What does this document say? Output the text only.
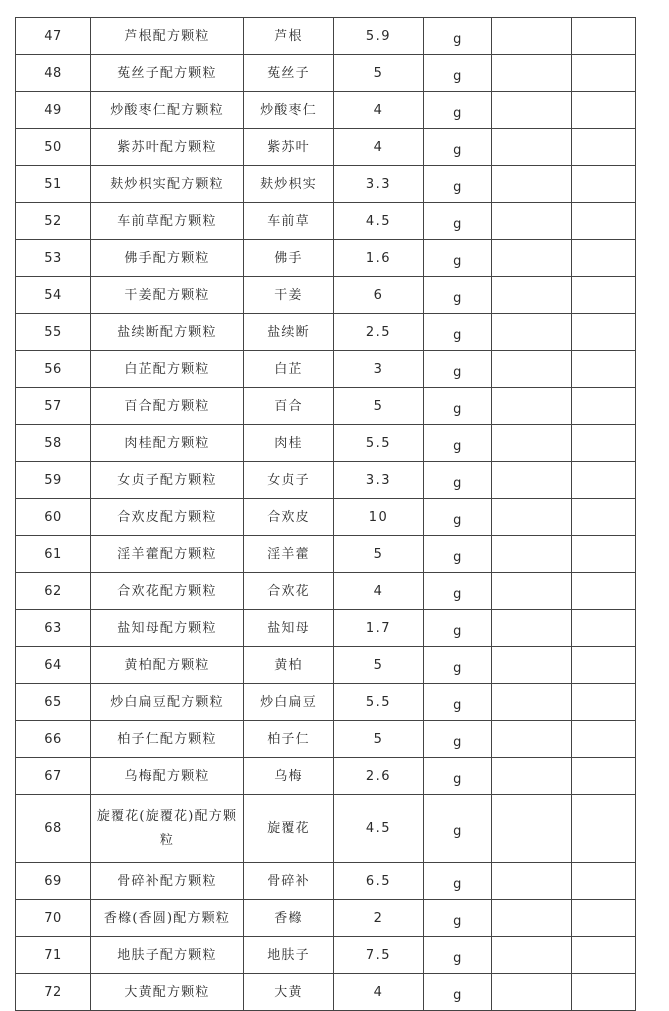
47	芦根配方颗粒	芦根	5.9	g		
48	菟丝子配方颗粒	菟丝子	5	g		
49	炒酸枣仁配方颗粒	炒酸枣仁	4	g		
50	紫苏叶配方颗粒	紫苏叶	4	g		
51	麸炒枳实配方颗粒	麸炒枳实	3.3	g		
52	车前草配方颗粒	车前草	4.5	g		
53	佛手配方颗粒	佛手	1.6	g		
54	干姜配方颗粒	干姜	6	g		
55	盐续断配方颗粒	盐续断	2.5	g		
56	白芷配方颗粒	白芷	3	g		
57	百合配方颗粒	百合	5	g		
58	肉桂配方颗粒	肉桂	5.5	g		
59	女贞子配方颗粒	女贞子	3.3	g		
60	合欢皮配方颗粒	合欢皮	10	g		
61	淫羊藿配方颗粒	淫羊藿	5	g		
62	合欢花配方颗粒	合欢花	4	g		
63	盐知母配方颗粒	盐知母	1.7	g		
64	黄柏配方颗粒	黄柏	5	g		
65	炒白扁豆配方颗粒	炒白扁豆	5.5	g		
66	柏子仁配方颗粒	柏子仁	5	g		
67	乌梅配方颗粒	乌梅	2.6	g		
68	旋覆花(旋覆花)配方颗粒	旋覆花	4.5	g		
69	骨碎补配方颗粒	骨碎补	6.5	g		
70	香橼(香圆)配方颗粒	香橼	2	g		
71	地肤子配方颗粒	地肤子	7.5	g		
72	大黄配方颗粒	大黄	4	g		
